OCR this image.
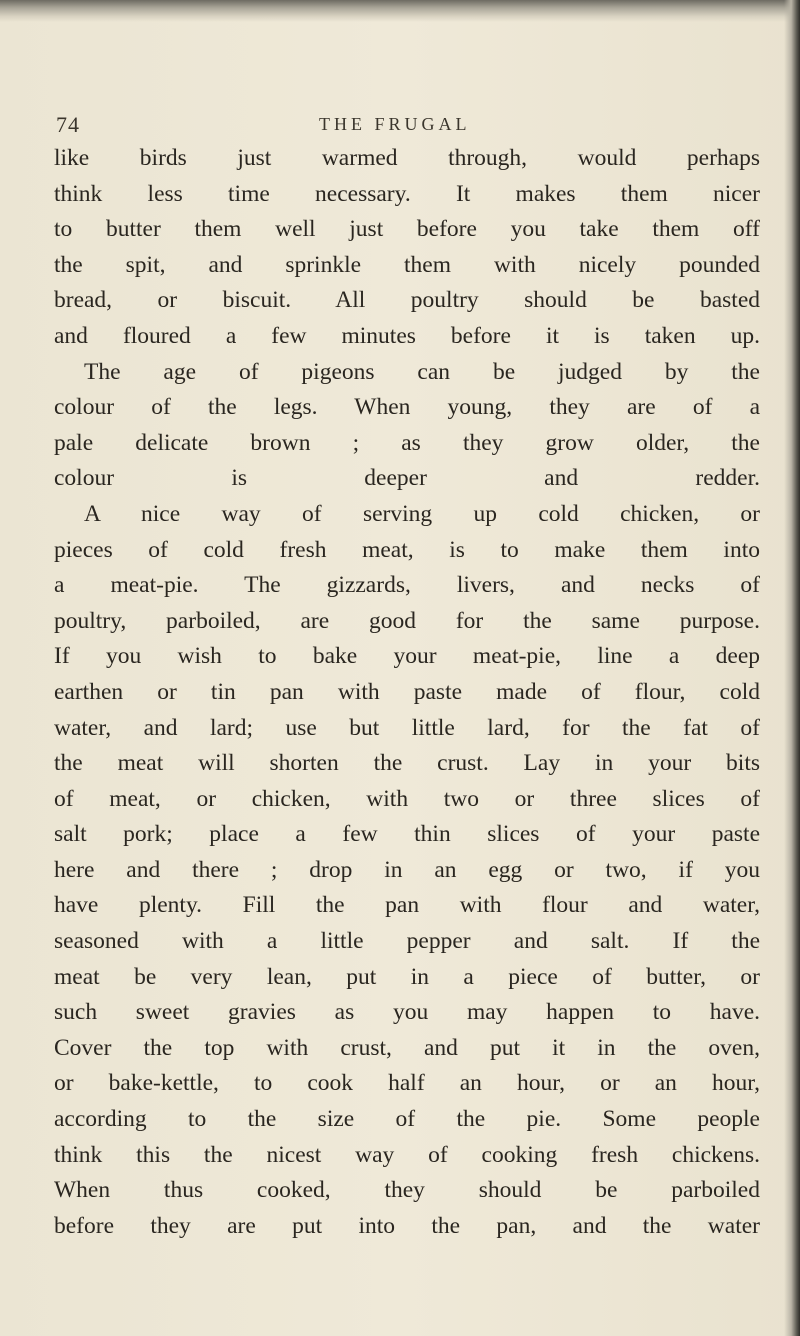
74	THE FRUGAL
like birds just warmed through, would perhaps
think less time necessary. It makes them nicer
to butter them well just before you take them off
the spit, and sprinkle them with nicely pounded
bread, or biscuit. All poultry should be basted
and floured a few minutes before it is taken up.
The age of pigeons can be judged by the
colour of the legs. When young, they are of a
pale delicate brown ; as they grow older, the
colour is deeper and redder.
A nice way of serving up cold chicken, or
pieces of cold fresh meat, is to make them into
a meat-pie. The gizzards, livers, and necks of
poultry, parboiled, are good for the same purpose.
If you wish to bake your meat-pie, line a deep
earthen or tin pan with paste made of flour, cold
water, and lard; use but little lard, for the fat of
the meat will shorten the crust. Lay in your bits
of meat, or chicken, with two or three slices of
salt pork; place a few thin slices of your paste
here and there ; drop in an egg or two, if you
have plenty. Fill the pan with flour and water,
seasoned with a little pepper and salt. If the
meat be very lean, put in a piece of butter, or
such sweet gravies as you may happen to have.
Cover the top with crust, and put it in the oven,
or bake-kettle, to cook half an hour, or an hour,
according to the size of the pie. Some people
think this the nicest way of cooking fresh chickens.
When thus cooked, they should be parboiled
before they are put into the pan, and the water
